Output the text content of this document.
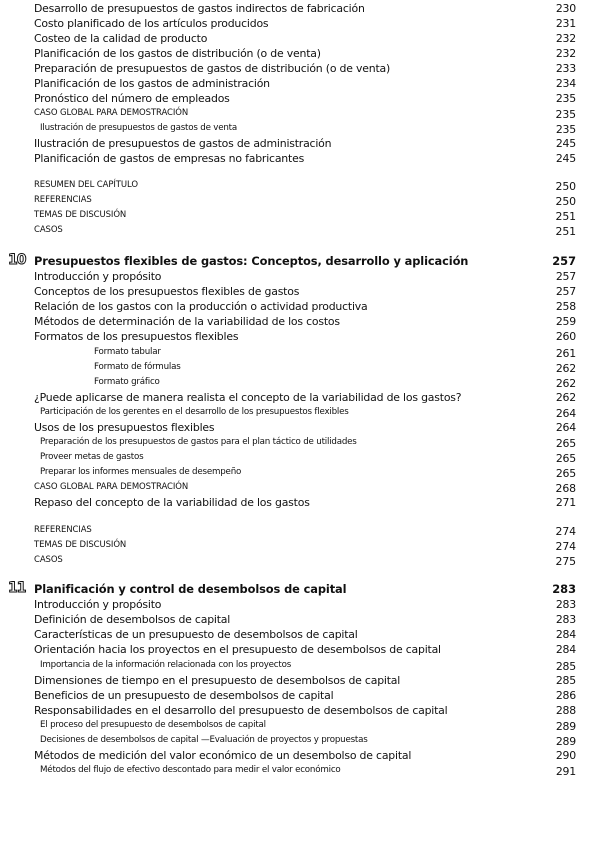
Desarrollo de presupuestos de gastos indirectos de fabricación	230
Costo planificado de los artículos producidos	231
Costeo de la calidad de producto	232
Planificación de los gastos de distribución (o de venta)	232
Preparación de presupuestos de gastos de distribución (o de venta)	233
Planificación de los gastos de administración	234
Pronóstico del número de empleados	235
CASO GLOBAL PARA DEMOSTRACIÓN	235
Ilustración de presupuestos de gastos de venta	235
Ilustración de presupuestos de gastos de administración	245
Planificación de gastos de empresas no fabricantes	245
RESUMEN DEL CAPÍTULO	250
REFERENCIAS	250
TEMAS DE DISCUSIÓN	251
CASOS	251
10 Presupuestos flexibles de gastos: Conceptos, desarrollo y aplicación	257
Introducción y propósito	257
Conceptos de los presupuestos flexibles de gastos	257
Relación de los gastos con la producción o actividad productiva	258
Métodos de determinación de la variabilidad de los costos	259
Formatos de los presupuestos flexibles	260
Formato tabular	261
Formato de fórmulas	262
Formato gráfico	262
¿Puede aplicarse de manera realista el concepto de la variabilidad de los gastos?	262
Participación de los gerentes en el desarrollo de los presupuestos flexibles	264
Usos de los presupuestos flexibles	264
Preparación de los presupuestos de gastos para el plan táctico de utilidades	265
Proveer metas de gastos	265
Preparar los informes mensuales de desempeño	265
CASO GLOBAL PARA DEMOSTRACIÓN	268
Repaso del concepto de la variabilidad de los gastos	271
REFERENCIAS	274
TEMAS DE DISCUSIÓN	274
CASOS	275
11 Planificación y control de desembolsos de capital	283
Introducción y propósito	283
Definición de desembolsos de capital	283
Características de un presupuesto de desembolsos de capital	284
Orientación hacia los proyectos en el presupuesto de desembolsos de capital	284
Importancia de la información relacionada con los proyectos	285
Dimensiones de tiempo en el presupuesto de desembolsos de capital	285
Beneficios de un presupuesto de desembolsos de capital	286
Responsabilidades en el desarrollo del presupuesto de desembolsos de capital	288
El proceso del presupuesto de desembolsos de capital	289
Decisiones de desembolsos de capital —Evaluación de proyectos y propuestas	289
Métodos de medición del valor económico de un desembolso de capital	290
Métodos del flujo de efectivo descontado para medir el valor económico	291
